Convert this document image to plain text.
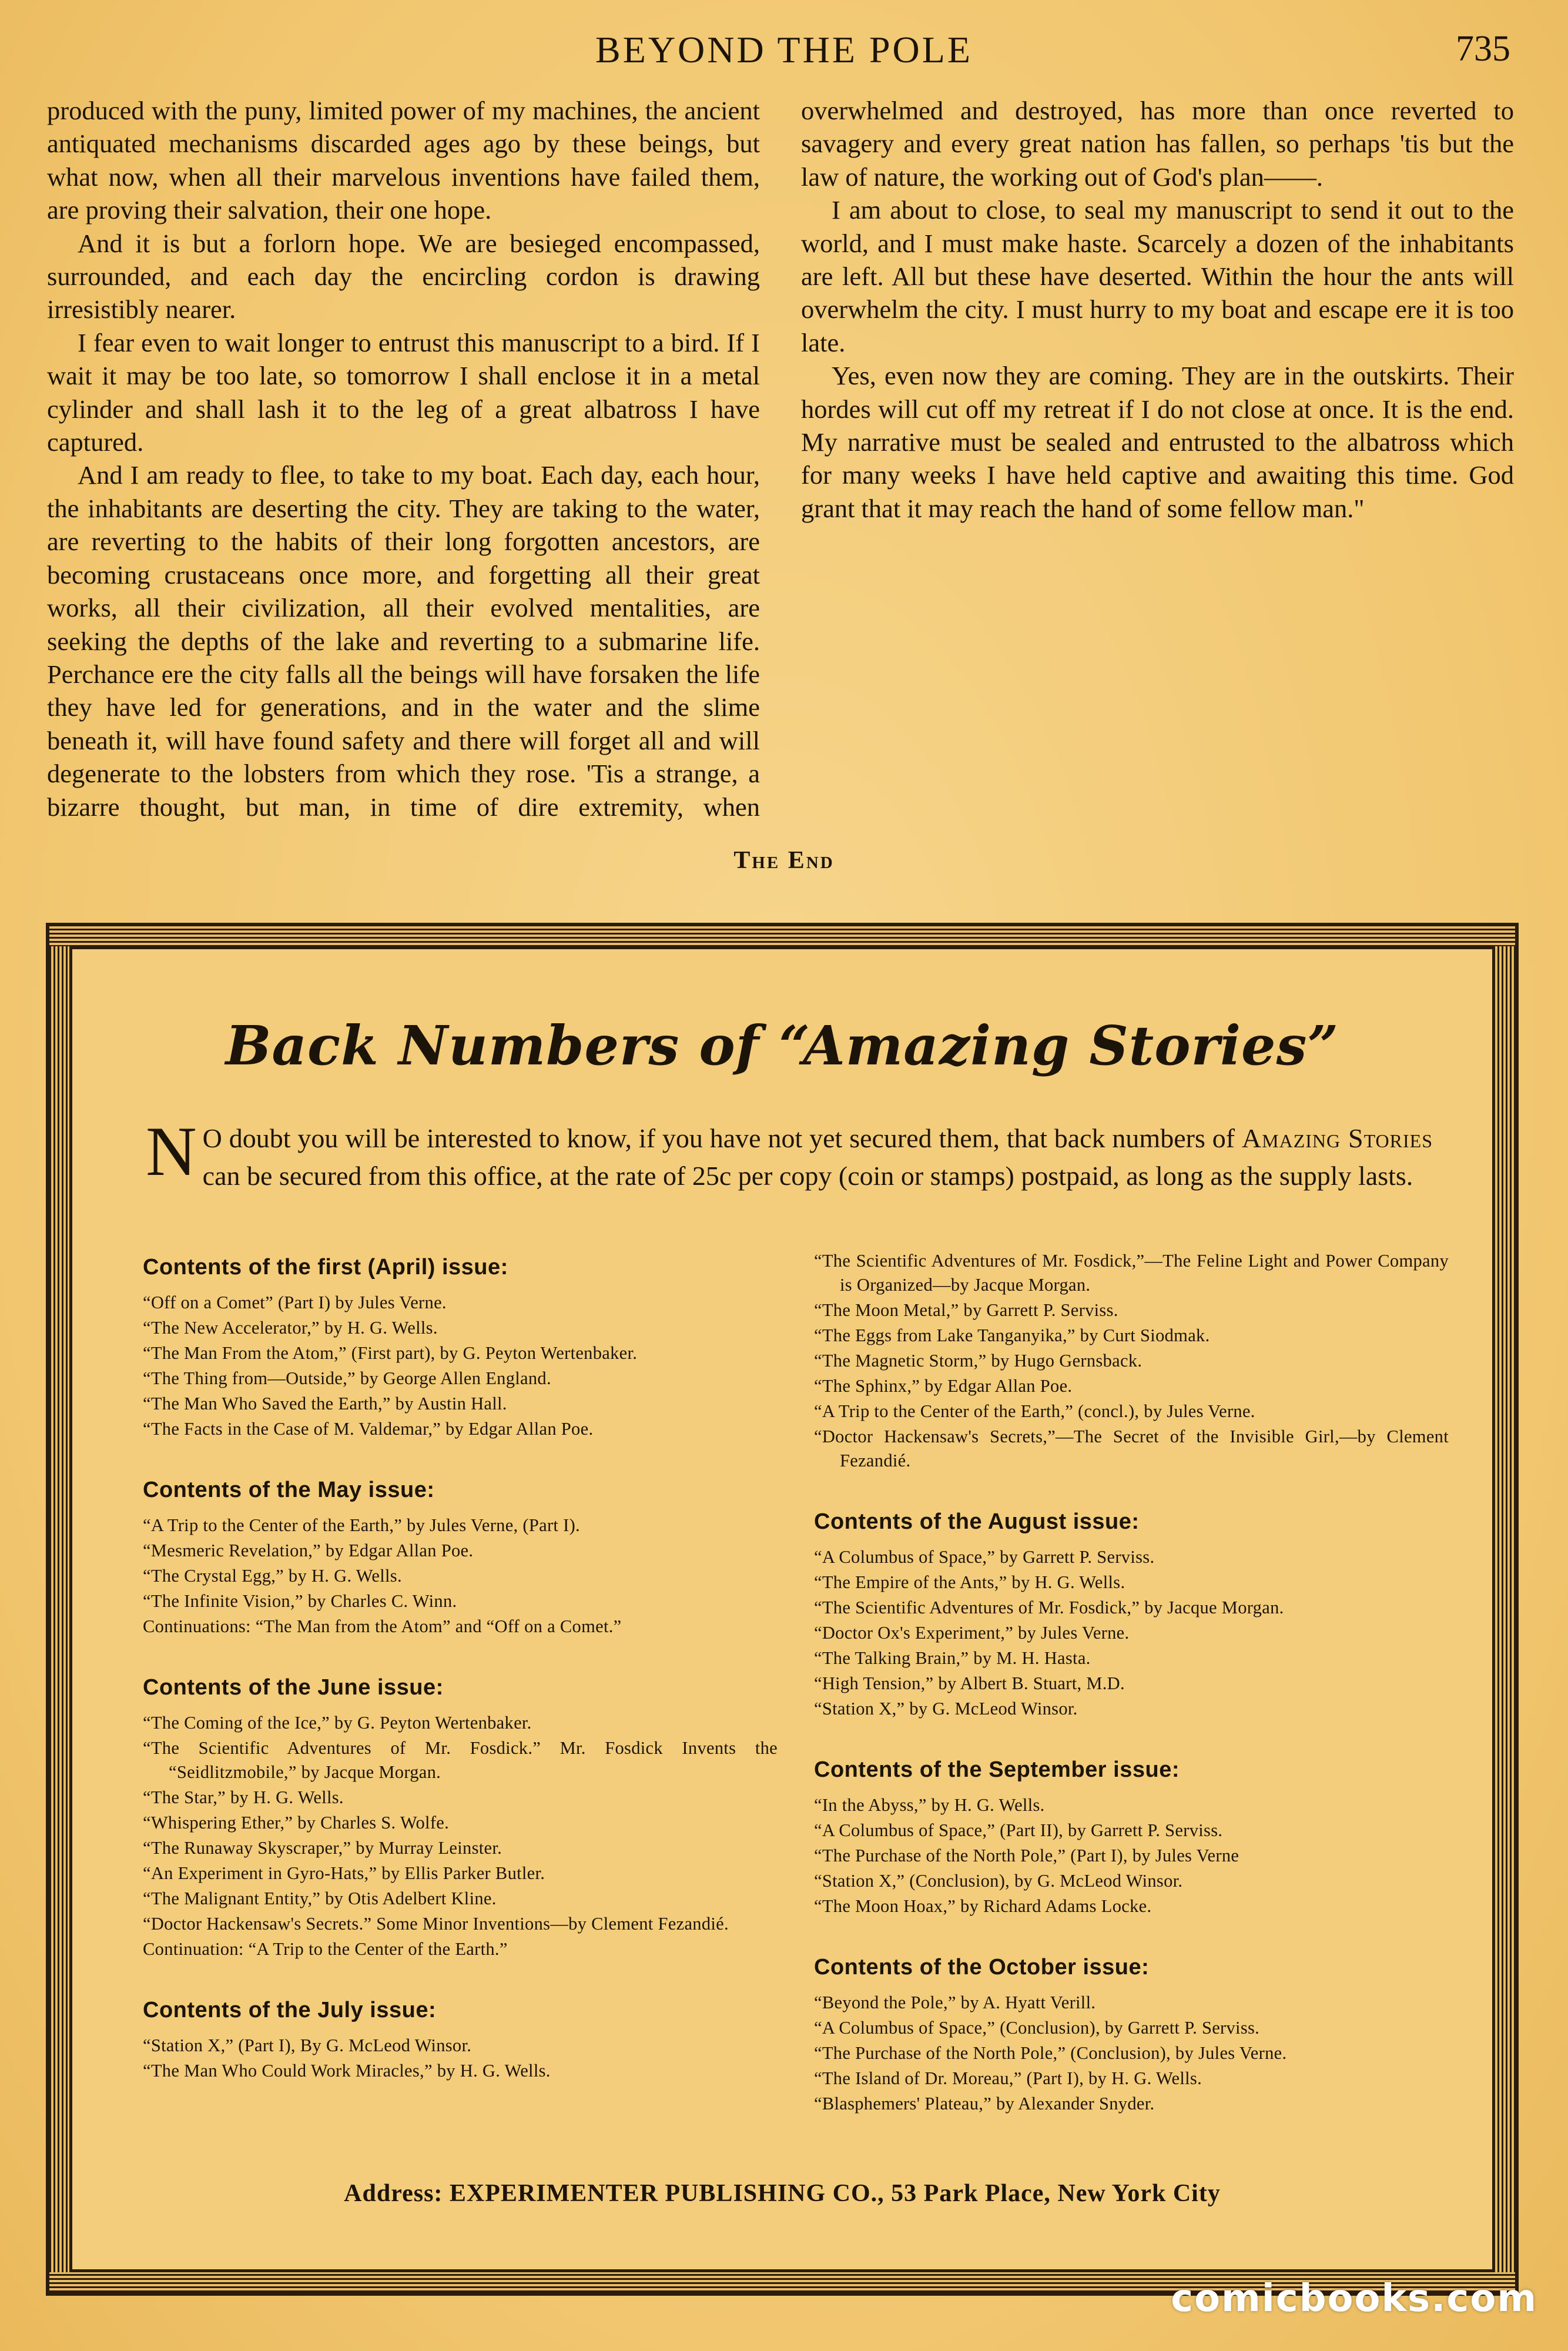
BEYOND THE POLE	735

produced with the puny, limited power of my machines, the ancient antiquated mechanisms discarded ages ago by these beings, but what now, when all their marvelous inventions have failed them, are proving their salvation, their one hope.

And it is but a forlorn hope. We are besieged encompassed, surrounded, and each day the encircling cordon is drawing irresistibly nearer.

I fear even to wait longer to entrust this manuscript to a bird. If I wait it may be too late, so tomorrow I shall enclose it in a metal cylinder and shall lash it to the leg of a great albatross I have captured.

And I am ready to flee, to take to my boat. Each day, each hour, the inhabitants are deserting the city. They are taking to the water, are reverting to the habits of their long forgotten ancestors, are becoming crustaceans once more, and forgetting all their great works, all their civilization, all their evolved mentalities, are seeking the depths of the lake and reverting to a submarine life. Perchance ere the city falls all the beings will have forsaken the life they have led for generations, and in the water and the slime beneath it, will have found safety and there will forget all and will degenerate to the lobsters from which they rose. 'Tis a strange, a bizarre thought, but man, in time of dire extremity, when overwhelmed and destroyed, has more than once reverted to savagery and every great nation has fallen, so perhaps 'tis but the law of nature, the working out of God's plan——.

I am about to close, to seal my manuscript to send it out to the world, and I must make haste. Scarcely a dozen of the inhabitants are left. All but these have deserted. Within the hour the ants will overwhelm the city. I must hurry to my boat and escape ere it is too late.

Yes, even now they are coming. They are in the outskirts. Their hordes will cut off my retreat if I do not close at once. It is the end. My narrative must be sealed and entrusted to the albatross which for many weeks I have held captive and awaiting this time. God grant that it may reach the hand of some fellow man."

The End
Back Numbers of “Amazing Stories”
N O doubt you will be interested to know, if you have not yet secured them, that back numbers of Amazing Stories can be secured from this office, at the rate of 25c per copy (coin or stamps) postpaid, as long as the supply lasts.
Contents of the first (April) issue:
“Off on a Comet” (Part I) by Jules Verne.
“The New Accelerator,” by H. G. Wells.
“The Man From the Atom,” (First part), by G. Peyton Wertenbaker.
“The Thing from—Outside,” by George Allen England.
“The Man Who Saved the Earth,” by Austin Hall.
“The Facts in the Case of M. Valdemar,” by Edgar Allan Poe.
Contents of the May issue:
“A Trip to the Center of the Earth,” by Jules Verne, (Part I).
“Mesmeric Revelation,” by Edgar Allan Poe.
“The Crystal Egg,” by H. G. Wells.
“The Infinite Vision,” by Charles C. Winn.
Continuations: “The Man from the Atom” and “Off on a Comet.”
Contents of the June issue:
“The Coming of the Ice,” by G. Peyton Wertenbaker.
“The Scientific Adventures of Mr. Fosdick.” Mr. Fosdick Invents the “Seidlitzmobile,” by Jacque Morgan.
“The Star,” by H. G. Wells.
“Whispering Ether,” by Charles S. Wolfe.
“The Runaway Skyscraper,” by Murray Leinster.
“An Experiment in Gyro-Hats,” by Ellis Parker Butler.
“The Malignant Entity,” by Otis Adelbert Kline.
“Doctor Hackensaw's Secrets.” Some Minor Inventions—by Clement Fezandié.
Continuation: “A Trip to the Center of the Earth.”
Contents of the July issue:
“Station X,” (Part I), By G. McLeod Winsor.
“The Man Who Could Work Miracles,” by H. G. Wells.
“The Scientific Adventures of Mr. Fosdick,”—The Feline Light and Power Company is Organized—by Jacque Morgan.
“The Moon Metal,” by Garrett P. Serviss.
“The Eggs from Lake Tanganyika,” by Curt Siodmak.
“The Magnetic Storm,” by Hugo Gernsback.
“The Sphinx,” by Edgar Allan Poe.
“A Trip to the Center of the Earth,” (concl.), by Jules Verne.
“Doctor Hackensaw's Secrets,”—The Secret of the Invisible Girl,—by Clement Fezandié.
Contents of the August issue:
“A Columbus of Space,” by Garrett P. Serviss.
“The Empire of the Ants,” by H. G. Wells.
“The Scientific Adventures of Mr. Fosdick,” by Jacque Morgan.
“Doctor Ox's Experiment,” by Jules Verne.
“The Talking Brain,” by M. H. Hasta.
“High Tension,” by Albert B. Stuart, M.D.
“Station X,” by G. McLeod Winsor.
Contents of the September issue:
“In the Abyss,” by H. G. Wells.
“A Columbus of Space,” (Part II), by Garrett P. Serviss.
“The Purchase of the North Pole,” (Part I), by Jules Verne
“Station X,” (Conclusion), by G. McLeod Winsor.
“The Moon Hoax,” by Richard Adams Locke.
Contents of the October issue:
“Beyond the Pole,” by A. Hyatt Verill.
“A Columbus of Space,” (Conclusion), by Garrett P. Serviss.
“The Purchase of the North Pole,” (Conclusion), by Jules Verne.
“The Island of Dr. Moreau,” (Part I), by H. G. Wells.
“Blasphemers' Plateau,” by Alexander Snyder.
Address: EXPERIMENTER PUBLISHING CO., 53 Park Place, New York City
comicbooks.com
